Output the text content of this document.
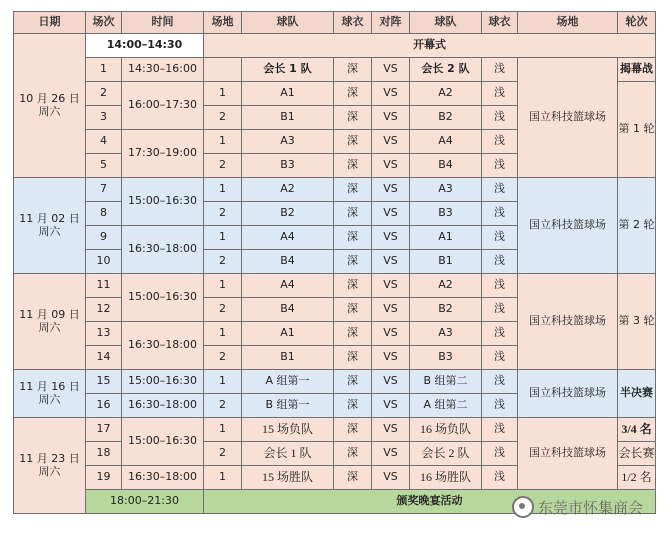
日期	场次	时间	场地	球队	球衣	对阵	球队	球衣	场地	轮次
10 月 26 日
周六	14:00–14:30		开幕式							
	1	14:30–16:00		会长 1 队	深	VS	会长 2 队	浅	国立科技篮球场	揭幕战
	2	16:00–17:30	1	A1	深	VS	A2	浅		第 1 轮
	3		2	B1	深	VS	B2	浅		
	4	17:30–19:00	1	A3	深	VS	A4	浅		
	5		2	B3	深	VS	B4	浅		
11 月 02 日
周六	7	15:00–16:30	1	A2	深	VS	A3	浅	国立科技篮球场	第 2 轮
	8		2	B2	深	VS	B3	浅		
	9	16:30–18:00	1	A4	深	VS	A1	浅		
	10		2	B4	深	VS	B1	浅		
11 月 09 日
周六	11	15:00–16:30	1	A4	深	VS	A2	浅	国立科技篮球场	第 3 轮
	12		2	B4	深	VS	B2	浅		
	13	16:30–18:00	1	A1	深	VS	A3	浅		
	14		2	B1	深	VS	B3	浅		
11 月 16 日
周六	15	15:00–16:30	1	A 组第一	深	VS	B 组第二	浅	国立科技篮球场	半决赛
	16	16:30–18:00	2	B 组第一	深	VS	A 组第二	浅		
11 月 23 日
周六	17	15:00–16:30	1	15 场负队	深	VS	16 场负队	浅	国立科技篮球场	3/4 名
	18		2	会长 1 队	深	VS	会长 2 队	浅		会长赛
	19	16:30–18:00	1	15 场胜队	深	VS	16 场胜队	浅		1/2 名
	18:00–21:30		颁奖晚宴活动								东莞市怀集商会
